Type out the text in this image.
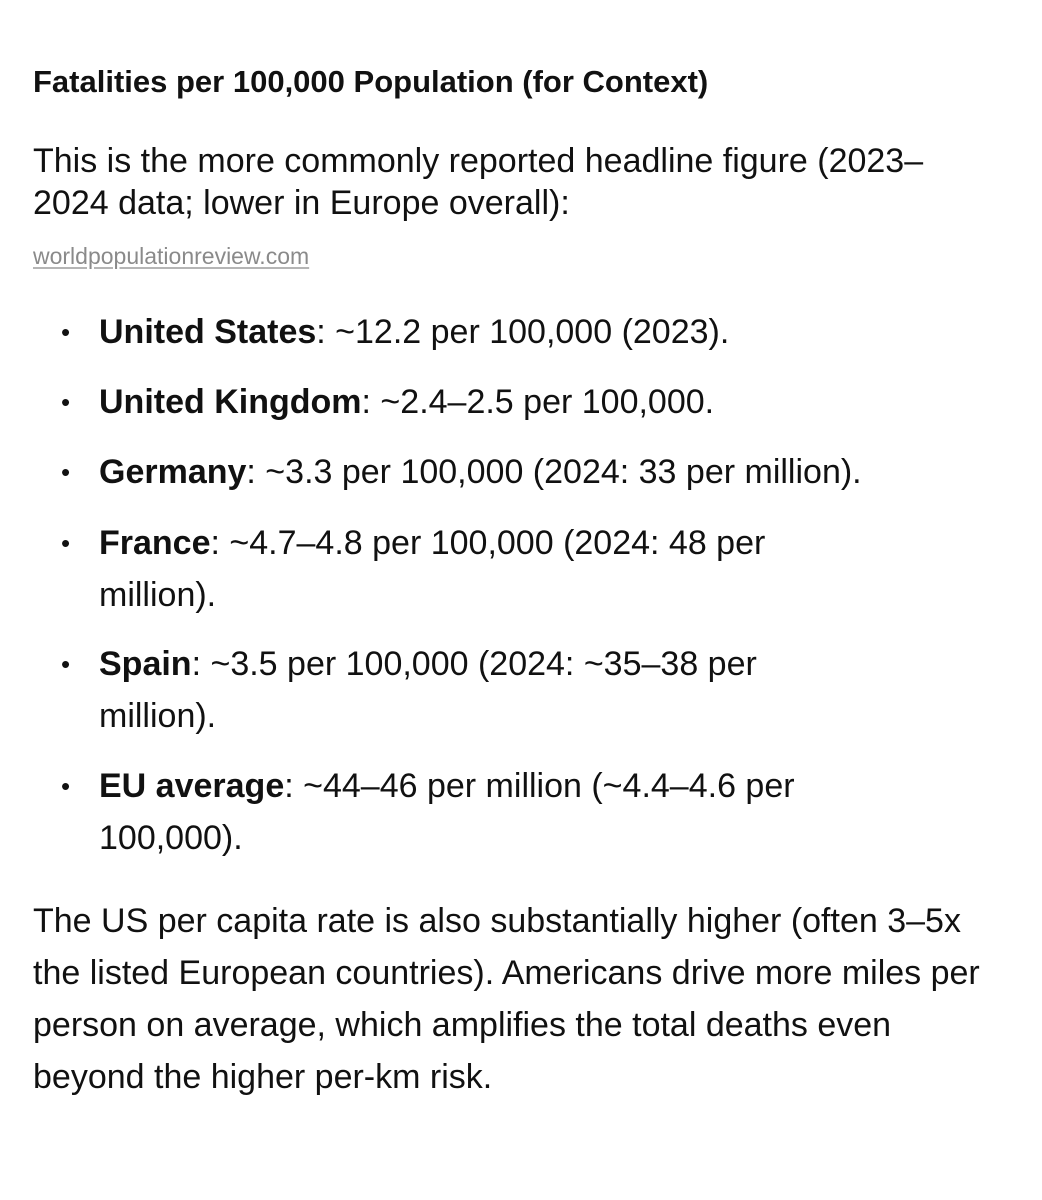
Fatalities per 100,000 Population (for Context)
This is the more commonly reported headline figure (2023–2024 data; lower in Europe overall):
worldpopulationreview.com
• United States: ~12.2 per 100,000 (2023).
• United Kingdom: ~2.4–2.5 per 100,000.
• Germany: ~3.3 per 100,000 (2024: 33 per million).
• France: ~4.7–4.8 per 100,000 (2024: 48 per million).
• Spain: ~3.5 per 100,000 (2024: ~35–38 per million).
• EU average: ~44–46 per million (~4.4–4.6 per 100,000).
The US per capita rate is also substantially higher (often 3–5x the listed European countries). Americans drive more miles per person on average, which amplifies the total deaths even beyond the higher per-km risk.
